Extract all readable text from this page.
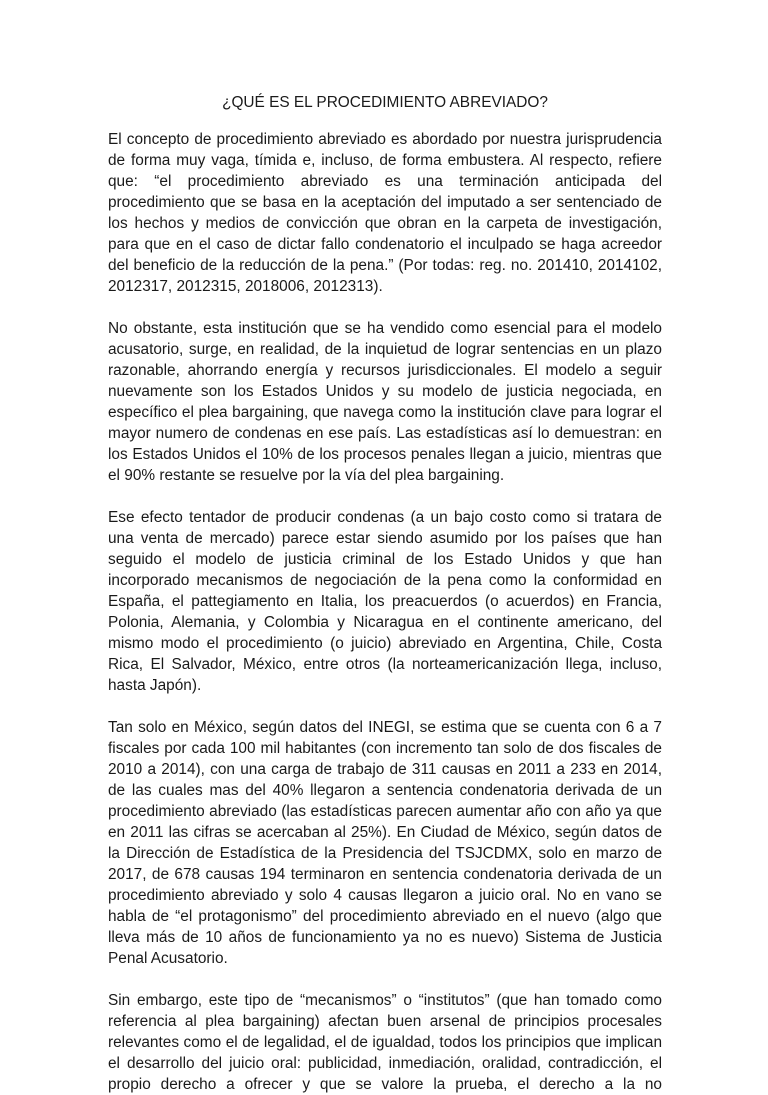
¿QUÉ ES EL PROCEDIMIENTO ABREVIADO?

El concepto de procedimiento abreviado es abordado por nuestra jurisprudencia de forma muy vaga, tímida e, incluso, de forma embustera. Al respecto, refiere que: “el procedimiento abreviado es una terminación anticipada del procedimiento que se basa en la aceptación del imputado a ser sentenciado de los hechos y medios de convicción que obran en la carpeta de investigación, para que en el caso de dictar fallo condenatorio el inculpado se haga acreedor del beneficio de la reducción de la pena.” (Por todas: reg. no. 201410, 2014102, 2012317, 2012315, 2018006, 2012313).

No obstante, esta institución que se ha vendido como esencial para el modelo acusatorio, surge, en realidad, de la inquietud de lograr sentencias en un plazo razonable, ahorrando energía y recursos jurisdiccionales. El modelo a seguir nuevamente son los Estados Unidos y su modelo de justicia negociada, en específico el plea bargaining, que navega como la institución clave para lograr el mayor numero de condenas en ese país. Las estadísticas así lo demuestran: en los Estados Unidos el 10% de los procesos penales llegan a juicio, mientras que el 90% restante se resuelve por la vía del plea bargaining.

Ese efecto tentador de producir condenas (a un bajo costo como si tratara de una venta de mercado) parece estar siendo asumido por los países que han seguido el modelo de justicia criminal de los Estado Unidos y que han incorporado mecanismos de negociación de la pena como la conformidad en España, el pattegiamento en Italia, los preacuerdos (o acuerdos) en Francia, Polonia, Alemania, y Colombia y Nicaragua en el continente americano, del mismo modo el procedimiento (o juicio) abreviado en Argentina, Chile, Costa Rica, El Salvador, México, entre otros (la norteamericanización llega, incluso, hasta Japón).

Tan solo en México, según datos del INEGI, se estima que se cuenta con 6 a 7 fiscales por cada 100 mil habitantes (con incremento tan solo de dos fiscales de 2010 a 2014), con una carga de trabajo de 311 causas en 2011 a 233 en 2014, de las cuales mas del 40% llegaron a sentencia condenatoria derivada de un procedimiento abreviado (las estadísticas parecen aumentar año con año ya que en 2011 las cifras se acercaban al 25%). En Ciudad de México, según datos de la Dirección de Estadística de la Presidencia del TSJCDMX, solo en marzo de 2017, de 678 causas 194 terminaron en sentencia condenatoria derivada de un procedimiento abreviado y solo 4 causas llegaron a juicio oral. No en vano se habla de “el protagonismo” del procedimiento abreviado en el nuevo (algo que lleva más de 10 años de funcionamiento ya no es nuevo) Sistema de Justicia Penal Acusatorio.

Sin embargo, este tipo de “mecanismos” o “institutos” (que han tomado como referencia al plea bargaining) afectan buen arsenal de principios procesales relevantes como el de legalidad, el de igualdad, todos los principios que implican el desarrollo del juicio oral: publicidad, inmediación, oralidad, contradicción, el propio derecho a ofrecer y que se valore la prueba, el derecho a la no
